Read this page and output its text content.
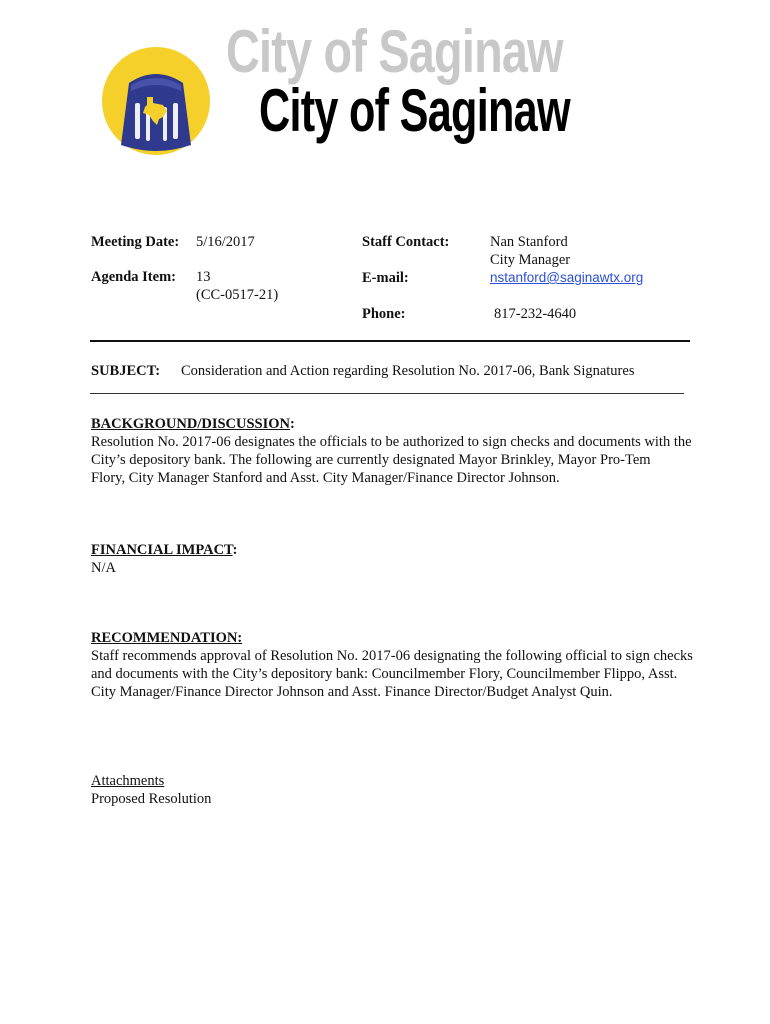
City of Saginaw
City of Saginaw
Meeting Date: 5/16/2017
Agenda Item: 13
(CC-0517-21)
Staff Contact:	Nan Stanford
City Manager
E-mail:	nstanford@saginawtx.org
Phone:	817-232-4640
SUBJECT: Consideration and Action regarding Resolution No. 2017-06, Bank Signatures
BACKGROUND/DISCUSSION:
Resolution No. 2017-06 designates the officials to be authorized to sign checks and documents with the
City’s depository bank. The following are currently designated Mayor Brinkley, Mayor Pro-Tem
Flory, City Manager Stanford and Asst. City Manager/Finance Director Johnson.
FINANCIAL IMPACT:
N/A
RECOMMENDATION:
Staff recommends approval of Resolution No. 2017-06 designating the following official to sign checks
and documents with the City’s depository bank: Councilmember Flory, Councilmember Flippo, Asst.
City Manager/Finance Director Johnson and Asst. Finance Director/Budget Analyst Quin.
Attachments
Proposed Resolution
